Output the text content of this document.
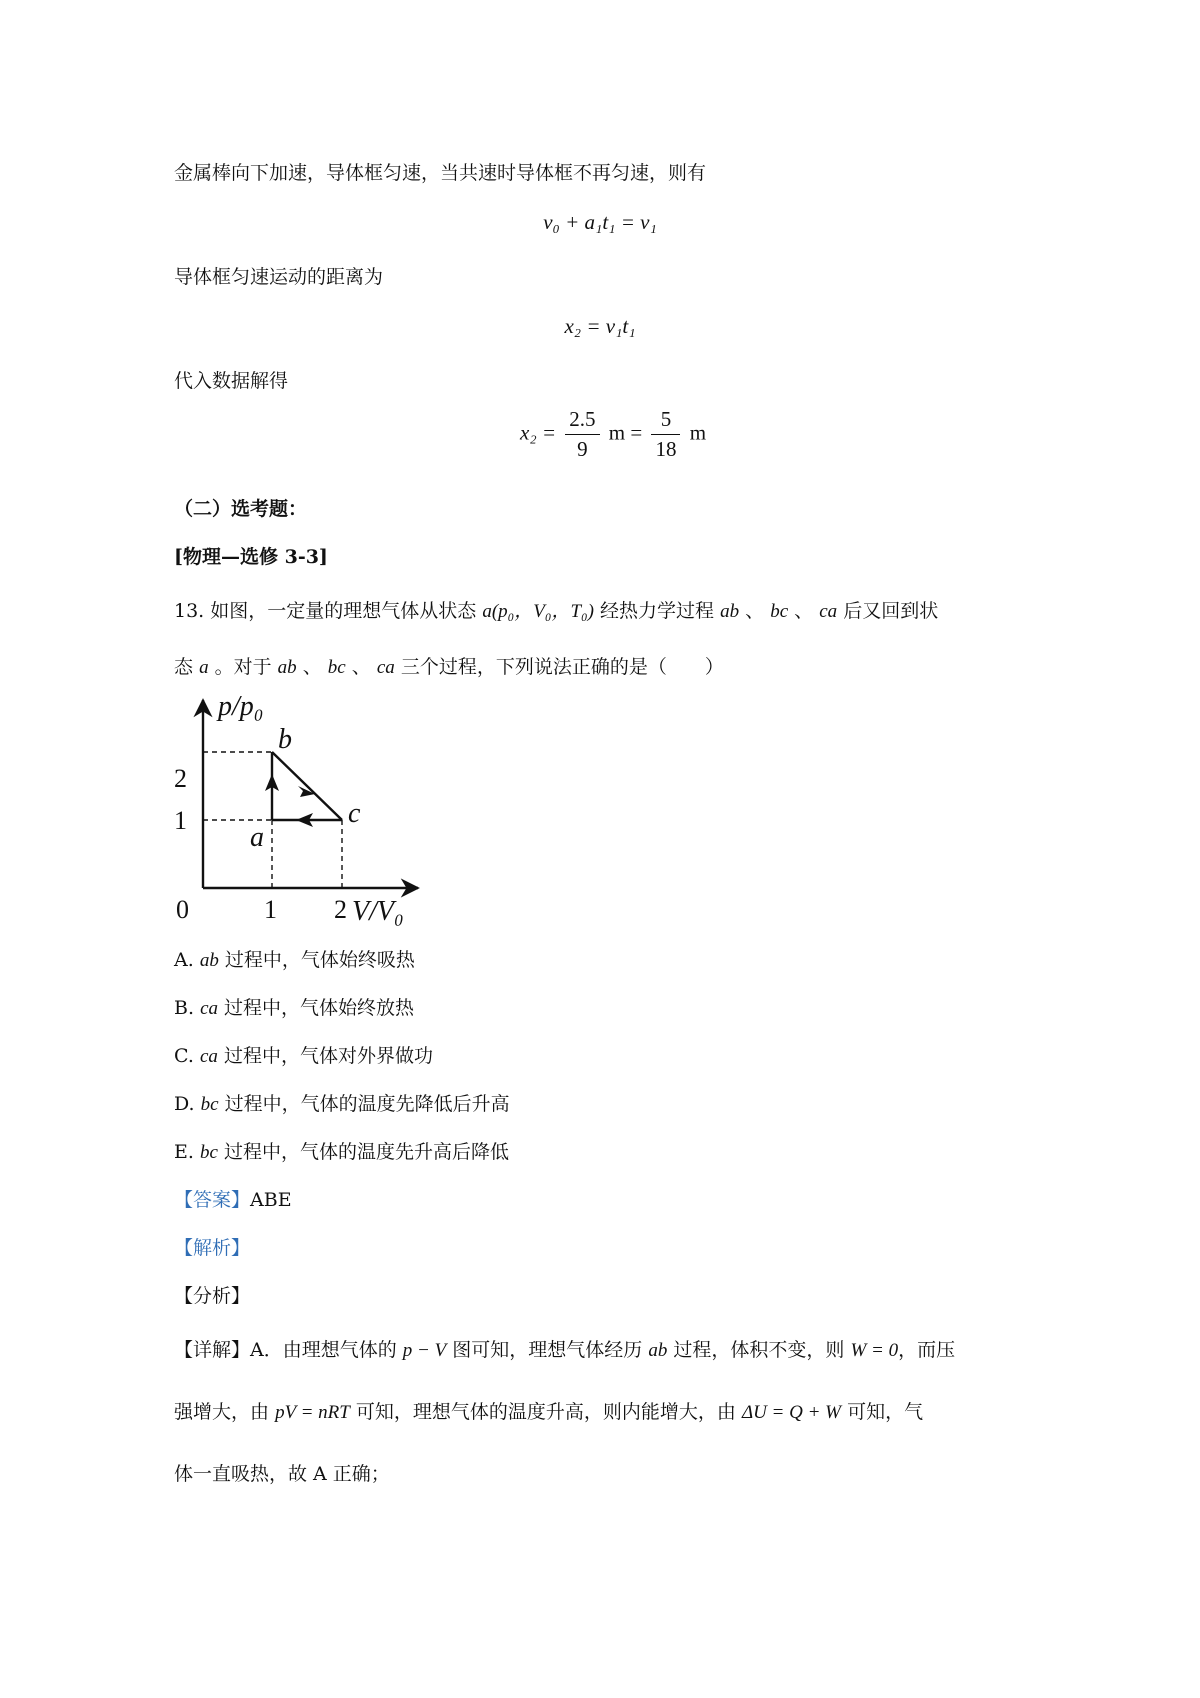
金属棒向下加速，导体框匀速，当共速时导体框不再匀速，则有
v₀ + a₁t₁ = v₁
导体框匀速运动的距离为
x₂ = v₁t₁
代入数据解得
$x_2 = \frac{2.5}{9}$ $m = \frac{5}{18}$ m
（二）选考题：
[物理—选修 3-3]
13. 如图，一定量的理想气体从状态 a(p₀，V₀，T₀) 经热力学过程 ab 、 bc 、 ca 后又回到状
态 a 。对于 ab 、 bc 、 ca 三个过程，下列说法正确的是（　　）
p/p₀
V/V₀
0	1 2
1
2
b
c
a
A. ab 过程中，气体始终吸热
B. ca 过程中，气体始终放热
C. ca 过程中，气体对外界做功
D. bc 过程中，气体的温度先降低后升高
E. bc 过程中，气体的温度先升高后降低
【答案】ABE
【解析】
【分析】
【详解】A．由理想气体的 p − V 图可知，理想气体经历 ab 过程，体积不变，则 W = 0，而压
强增大，由 pV = nRT 可知，理想气体的温度升高，则内能增大，由 ΔU = Q + W 可知，气
体一直吸热，故 A 正确；
